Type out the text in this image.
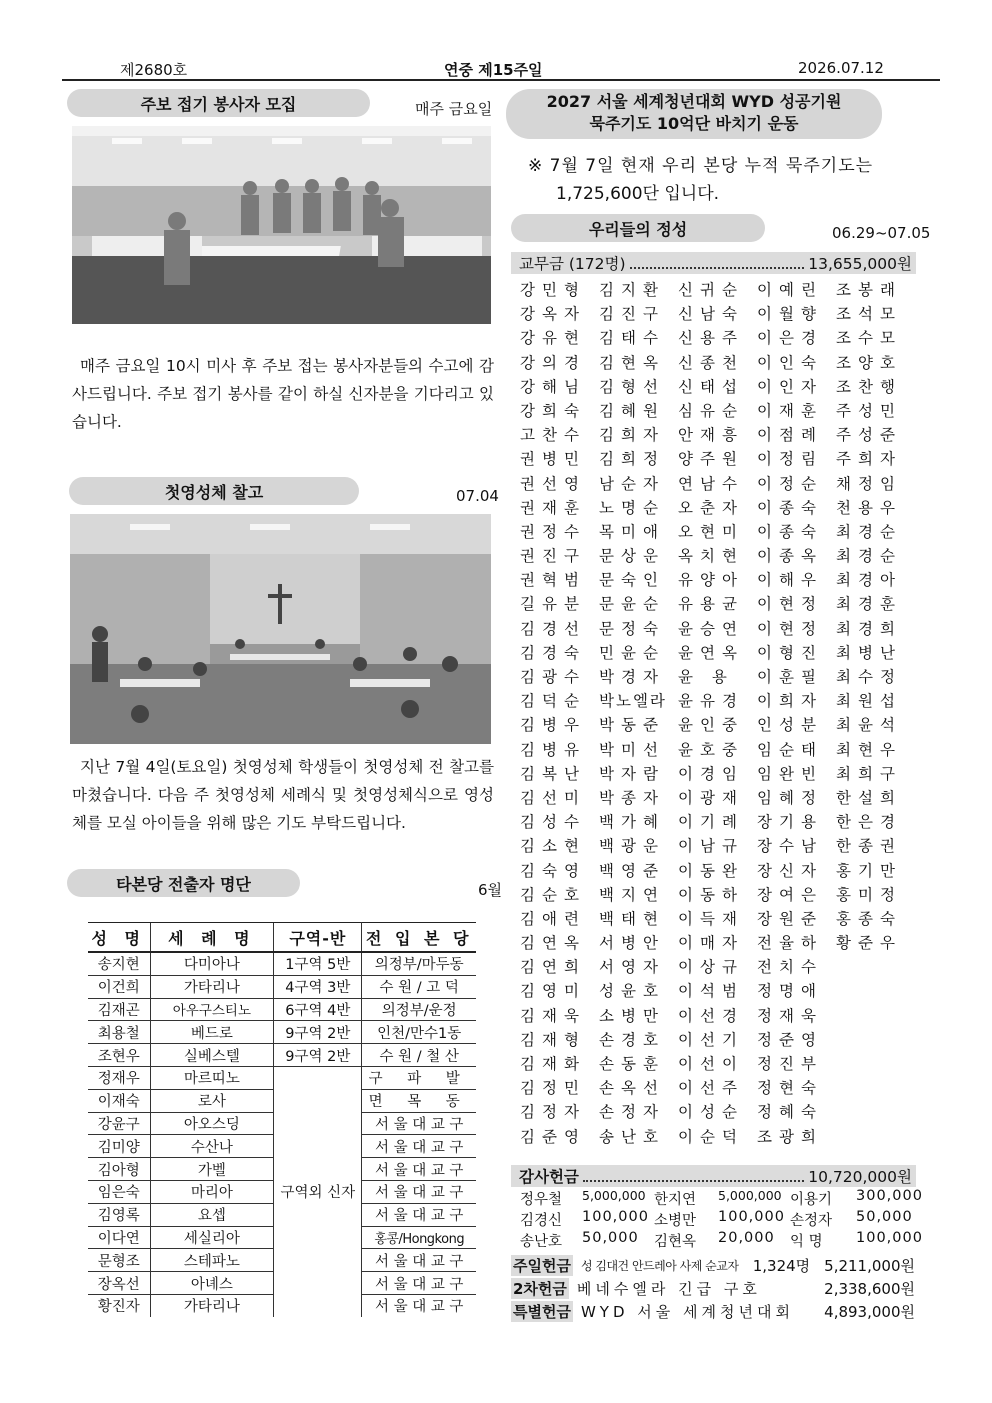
제2680호	연중 제15주일	2026.07.12
주보 접기 봉사자 모집	매주 금요일
매주 금요일 10시 미사 후 주보 접는 봉사자분들의 수고에 감사드립니다. 주보 접기 봉사를 같이 하실 신자분을 기다리고 있습니다.
첫영성체 찰고	07.04
지난 7월 4일(토요일) 첫영성체 학생들이 첫영성체 전 찰고를 마쳤습니다. 다음 주 첫영성체 세례식 및 첫영성체식으로 영성체를 모실 아이들을 위해 많은 기도 부탁드립니다.
타본당 전출자 명단	6월
성 명	세 례 명	구역-반	전 입 본 당
송지현	다미아나	1구역 5반	의정부/마두동
이건희	가타리나	4구역 3반	수 원 / 고 덕
김재곤	아우구스티노	6구역 4반	의정부/운정
최용철	베드로	9구역 2반	인천/만수1동
조현우	실베스텔	9구역 2반	수 원 / 철 산
정재우	마르띠노	구역외 신자	구 파 발
이재숙	로사		면 목 동
강윤구	아오스딩		서 울 대 교 구
김미양	수산나		서 울 대 교 구
김아형	가벨		서 울 대 교 구
임은숙	마리아		서 울 대 교 구
김영록	요셉		서 울 대 교 구
이다연	세실리아		홍콩/Hongkong
문형조	스테파노		서 울 대 교 구
장옥선	아녜스		서 울 대 교 구
황진자	가타리나		서 울 대 교 구
2027 서울 세계청년대회 WYD 성공기원
묵주기도 10억단 바치기 운동
※ 7월 7일 현재 우리 본당 누적 묵주기도는
1,725,600단 입니다.
우리들의 정성	06.29~07.05
교무금 (172명)	13,655,000원
강민형 김지환 신귀순 이예린 조봉래
강옥자 김진구 신남숙 이월향 조석모
강유현 김태수 신용주 이은경 조수모
강의경 김현옥 신종천 이인숙 조양호
강해님 김형선 신태섭 이인자 조찬행
강희숙 김혜원 심유순 이재훈 주성민
고찬수 김희자 안재흥 이점례 주성준
권병민 김희정 양주원 이정림 주희자
권선영 남순자 연남수 이정순 채정임
권재훈 노명순 오춘자 이종숙 천용우
권정수 목미애 오현미 이종숙 최경순
권진구 문상운 옥치현 이종옥 최경순
권혁범 문숙인 유양아 이해우 최경아
길유분 문윤순 유용균 이현정 최경훈
김경선 문정숙 윤승연 이현정 최경희
김경숙 민윤순 윤연옥 이형진 최병난
김광수 박경자 윤 용	이훈필 최수정
김덕순 박노엘라 윤유경 이희자 최원섭
김병우 박동준 윤인중 인성분 최윤석
김병유 박미선 윤호중 임순태 최현우
김복난 박자람 이경임 임완빈 최희구
김선미 박종자 이광재 임혜정 한설희
김성수 백가혜 이기례 장기용 한은경
김소현 백광운 이남규 장수남 한종권
김숙영 백영준 이동완 장신자 홍기만
김순호 백지연 이동하 장여은 홍미정
김애련 백태현 이득재 장원준 홍종숙
김연옥 서병안 이매자 전율하 황준우
김연희 서영자 이상규 전치수
김영미 성윤호 이석범 정명애
김재욱 소병만 이선경 정재욱
김재형 손경호 이선기 정준영
김재화 손동훈 이선이 정진부
김정민 손옥선 이선주 정현숙
김정자 손정자 이성순 정혜숙
김준영 송난호 이순덕 조광희
감사헌금	10,720,000원
정우철 5,000,000 한지연 5,000,000 이용기 300,000
김경신 100,000 소병만 100,000 손정자 50,000
송난호 50,000 김현옥 20,000 익 명 100,000
주일헌금 성 김대건 안드레아 사제 순교자 1,324명 5,211,000원
2차헌금 베네수엘라 긴급 구호	2,338,600원
특별헌금 WYD 서울 세계청년대회	4,893,000원
